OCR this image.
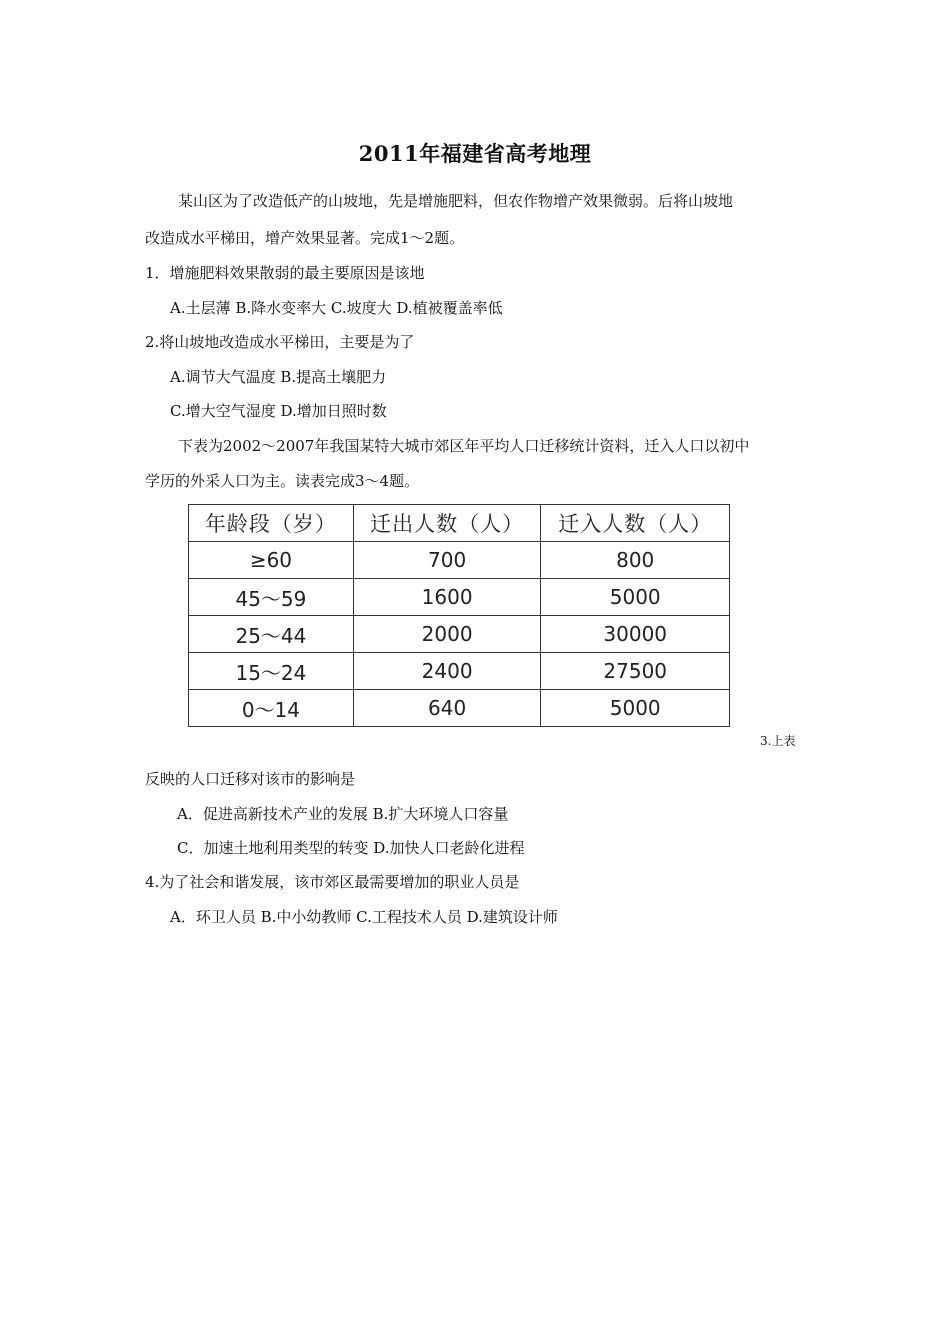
2011年福建省高考地理
某山区为了改造低产的山坡地，先是增施肥料，但农作物增产效果微弱。后将山坡地
改造成水平梯田，增产效果显著。完成1～2题。
1．增施肥料效果散弱的最主要原因是该地
A.土层薄 B.降水变率大 C.坡度大 D.植被覆盖率低
2.将山坡地改造成水平梯田，主要是为了
A.调节大气温度 B.提高土壤肥力
C.增大空气湿度 D.增加日照时数
下表为2002～2007年我国某特大城市郊区年平均人口迁移统计资料，迁入人口以初中
学历的外采人口为主。读表完成3～4题。
年龄段（岁）	迁出人数（人）	迁入人数（人）
≥60	700	800
45～59	1600	5000
25～44	2000	30000
15～24	2400	27500
0～14	640	5000
3.上表
反映的人口迁移对该市的影响是
A．促进高新技术产业的发展 B.扩大环境人口容量
C．加速土地利用类型的转变 D.加快人口老龄化进程
4.为了社会和谐发展，该市郊区最需要增加的职业人员是
A．环卫人员 B.中小幼教师 C.工程技术人员 D.建筑设计师
